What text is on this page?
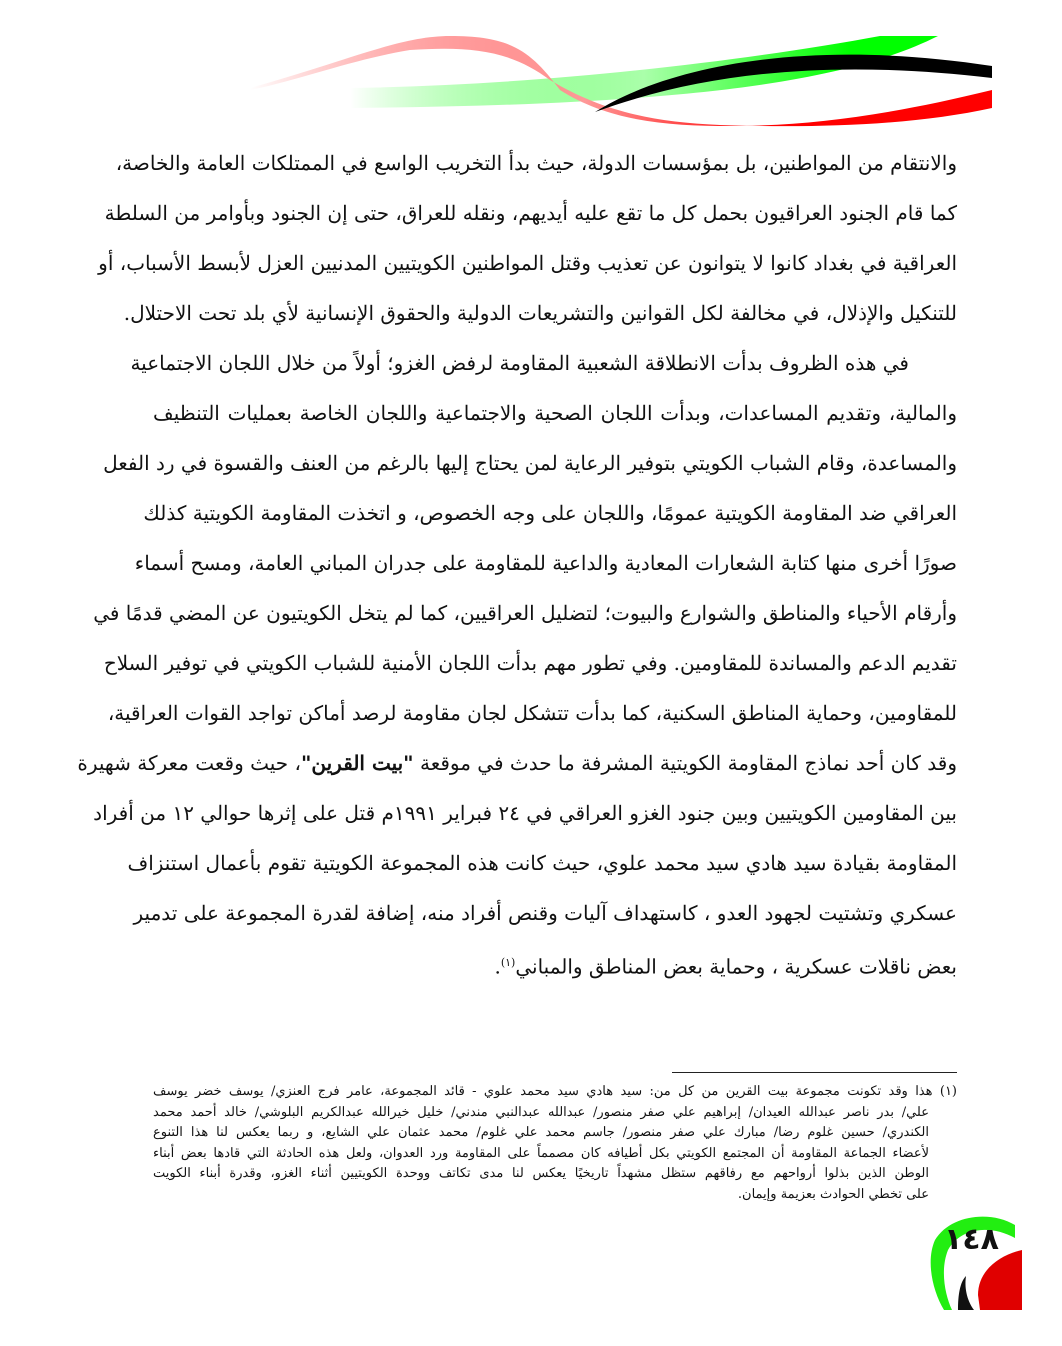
والانتقام من المواطنين، بل بمؤسسات الدولة، حيث بدأ التخريب الواسع في الممتلكات العامة والخاصة،
كما قام الجنود العراقيون بحمل كل ما تقع عليه أيديهم، ونقله للعراق، حتى إن الجنود وبأوامر من السلطة
العراقية في بغداد كانوا لا يتوانون عن تعذيب وقتل المواطنين الكويتيين المدنيين العزل لأبسط الأسباب، أو
للتنكيل والإذلال، في مخالفة لكل القوانين والتشريعات الدولية والحقوق الإنسانية لأي بلد تحت الاحتلال.
في هذه الظروف بدأت الانطلاقة الشعبية المقاومة لرفض الغزو؛ أولاً من خلال اللجان الاجتماعية
والمالية، وتقديم المساعدات، وبدأت اللجان الصحية والاجتماعية واللجان الخاصة بعمليات التنظيف
والمساعدة، وقام الشباب الكويتي بتوفير الرعاية لمن يحتاج إليها بالرغم من العنف والقسوة في رد الفعل
العراقي ضد المقاومة الكويتية عمومًا، واللجان على وجه الخصوص، و اتخذت المقاومة الكويتية كذلك
صورًا أخرى منها كتابة الشعارات المعادية والداعية للمقاومة على جدران المباني العامة، ومسح أسماء
وأرقام الأحياء والمناطق والشوارع والبيوت؛ لتضليل العراقيين، كما لم يتخل الكويتيون عن المضي قدمًا في
تقديم الدعم والمساندة للمقاومين. وفي تطور مهم بدأت اللجان الأمنية للشباب الكويتي في توفير السلاح
للمقاومين، وحماية المناطق السكنية، كما بدأت تتشكل لجان مقاومة لرصد أماكن تواجد القوات العراقية،
وقد كان أحد نماذج المقاومة الكويتية المشرفة ما حدث في موقعة "بيت القرين"، حيث وقعت معركة شهيرة
بين المقاومين الكويتيين وبين جنود الغزو العراقي في ٢٤ فبراير ١٩٩١م قتل على إثرها حوالي ١٢ من أفراد
المقاومة بقيادة سيد هادي سيد محمد علوي، حيث كانت هذه المجموعة الكويتية تقوم بأعمال استنزاف
عسكري وتشتيت لجهود العدو ، كاستهداف آليات وقنص أفراد منه، إضافة لقدرة المجموعة على تدمير
بعض ناقلات عسكرية ، وحماية بعض المناطق والمباني$^{(١)}$.
(١) هذا وقد تكونت مجموعة بيت القرين من كل من: سيد هادي سيد محمد علوي - قائد المجموعة، عامر فرج العنزي/ يوسف خضر يوسف
علي/ بدر ناصر عبدالله العيدان/ إبراهيم علي صفر منصور/ عبدالله عبدالنبي مندني/ خليل خيرالله عبدالكريم البلوشي/ خالد أحمد محمد
الكندري/ حسين غلوم رضا/ مبارك علي صفر منصور/ جاسم محمد علي غلوم/ محمد عثمان علي الشايع، و ربما يعكس لنا هذا التنوع
لأعضاء الجماعة المقاومة أن المجتمع الكويتي بكل أطيافه كان مصمماً على المقاومة ورد العدوان، ولعل هذه الحادثة التي قادها بعض أبناء
الوطن الذين بذلوا أرواحهم مع رفاقهم ستظل مشهداً تاريخيًا يعكس لنا مدى تكاتف ووحدة الكويتيين أثناء الغزو، وقدرة أبناء الكويت
على تخطي الحوادث بعزيمة وإيمان.
١٤٨
